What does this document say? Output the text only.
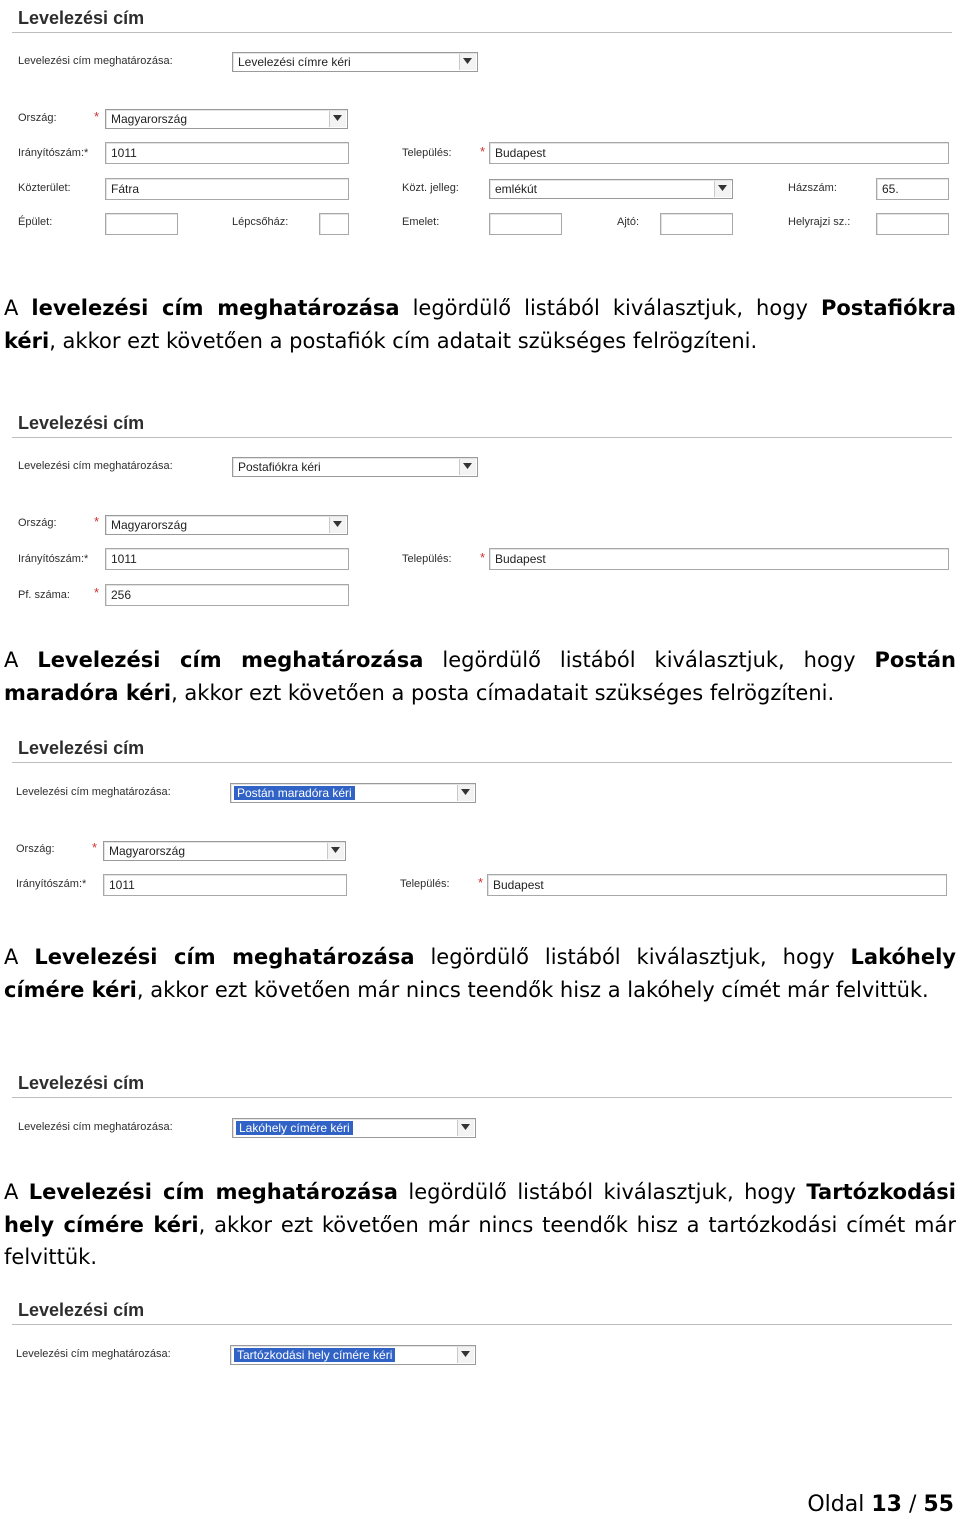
Levelezési cím
Levelezési cím meghatározása:	Levelezési címre kéri
Ország:	* Magyarország
Irányítószám:* 1011	Település: * Budapest
Közterület:	Fátra	Közt. jelleg:	emlékút	Házszám:	65.
Épület:	Lépcsőház:	Emelet:	Ajtó:	Helyrajzi sz.:

A levelezési cím meghatározása legördülő listából kiválasztjuk, hogy Postafiókra kéri, akkor ezt követően a postafiók cím adatait szükséges felrögzíteni.

Levelezési cím
Levelezési cím meghatározása:	Postafiókra kéri
Ország:	* Magyarország
Irányítószám:* 1011	Település: * Budapest
Pf. száma: * 256

A Levelezési cím meghatározása legördülő listából kiválasztjuk, hogy Postán maradóra kéri, akkor ezt követően a posta címadatait szükséges felrögzíteni.

Levelezési cím
Levelezési cím meghatározása:	Postán maradóra kéri
Ország:	* Magyarország
Irányítószám:* 1011	Település: * Budapest

A Levelezési cím meghatározása legördülő listából kiválasztjuk, hogy Lakóhely címére kéri, akkor ezt követően már nincs teendők hisz a lakóhely címét már felvittük.

Levelezési cím
Levelezési cím meghatározása:	Lakóhely címére kéri

A Levelezési cím meghatározása legördülő listából kiválasztjuk, hogy Tartózkodási hely címére kéri, akkor ezt követően már nincs teendők hisz a tartózkodási címét már felvittük.

Levelezési cím
Levelezési cím meghatározása:	Tartózkodási hely címére kéri
Oldal 13 / 55
